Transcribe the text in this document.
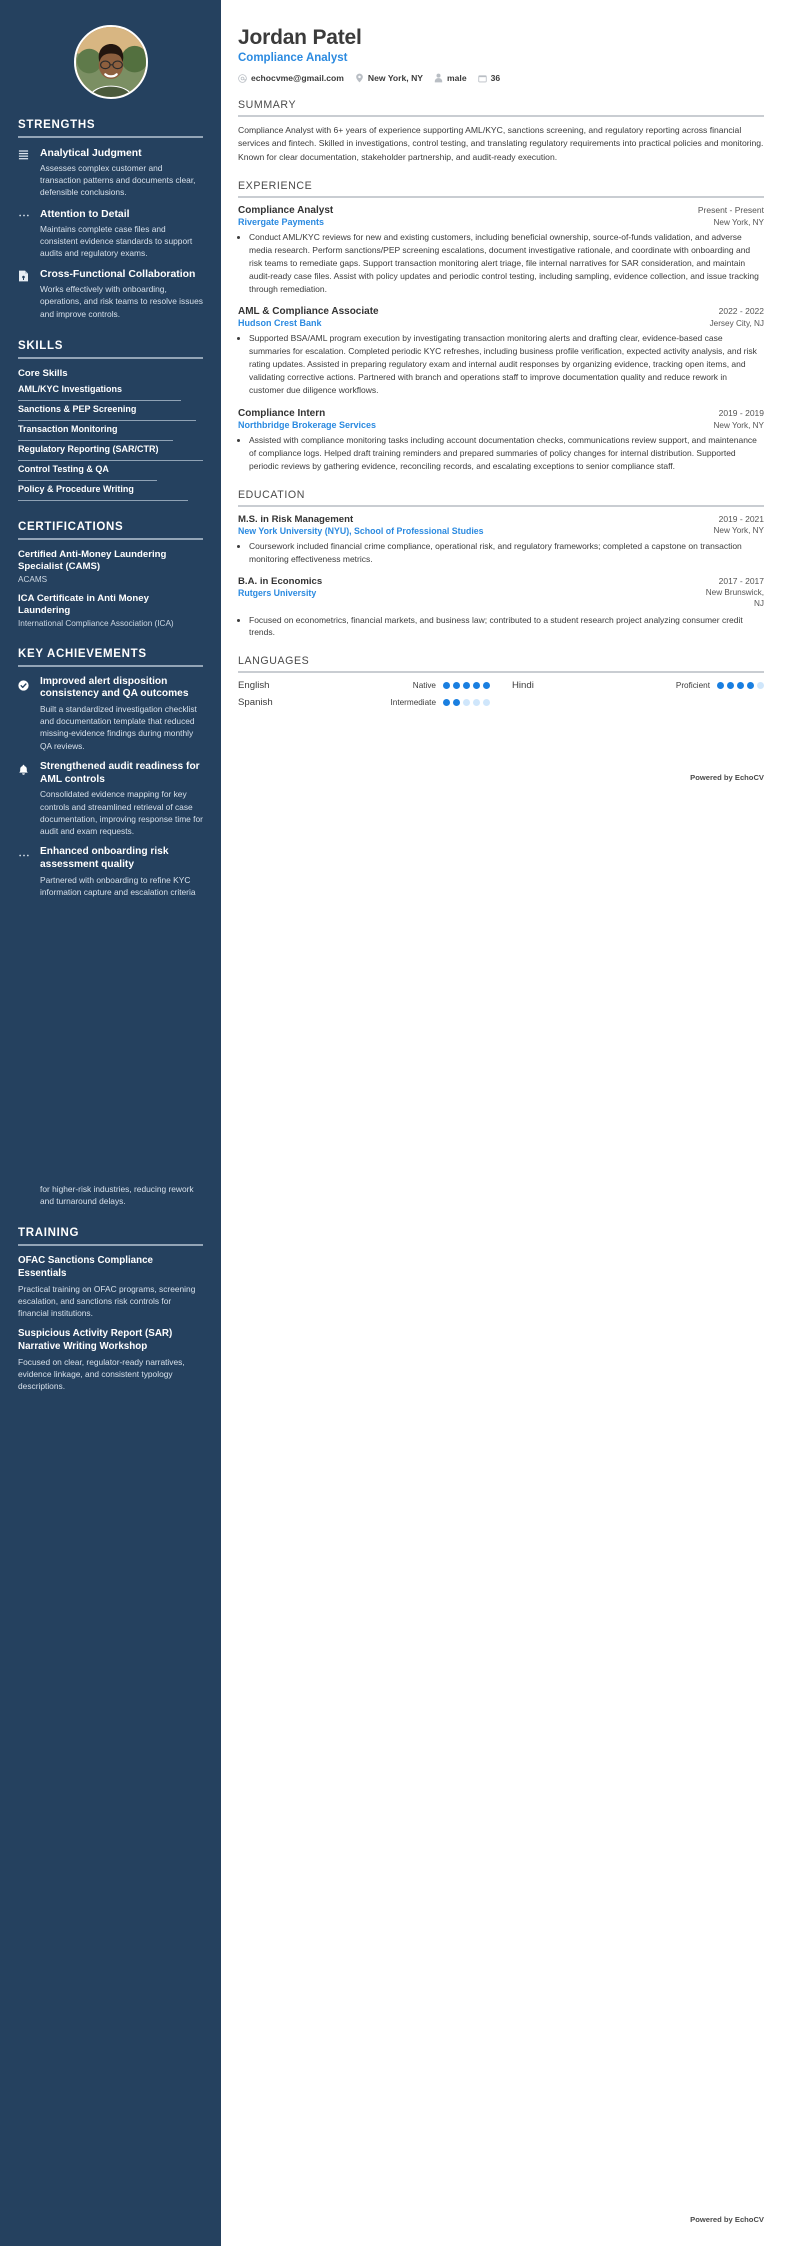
STRENGTHS
Analytical Judgment
Assesses complex customer and transaction patterns and documents clear, defensible conclusions.
Attention to Detail
Maintains complete case files and consistent evidence standards to support audits and regulatory exams.
Cross-Functional Collaboration
Works effectively with onboarding, operations, and risk teams to resolve issues and improve controls.
SKILLS
Core Skills
AML/KYC Investigations
Sanctions & PEP Screening
Transaction Monitoring
Regulatory Reporting (SAR/CTR)
Control Testing & QA
Policy & Procedure Writing
CERTIFICATIONS
Certified Anti-Money Laundering Specialist (CAMS)
ACAMS
ICA Certificate in Anti Money Laundering
International Compliance Association (ICA)
KEY ACHIEVEMENTS
Improved alert disposition consistency and QA outcomes
Built a standardized investigation checklist and documentation template that reduced missing-evidence findings during monthly QA reviews.
Strengthened audit readiness for AML controls
Consolidated evidence mapping for key controls and streamlined retrieval of case documentation, improving response time for audit and exam requests.
Enhanced onboarding risk assessment quality
Partnered with onboarding to refine KYC information capture and escalation criteria
Jordan Patel
Compliance Analyst
echocvme@gmail.com	New York, NY	male	36
SUMMARY

Compliance Analyst with 6+ years of experience supporting AML/KYC, sanctions screening, and regulatory reporting across financial services and fintech. Skilled in investigations, control testing, and translating regulatory requirements into practical policies and monitoring. Known for clear documentation, stakeholder partnership, and audit-ready execution.

EXPERIENCE
Compliance Analyst	Present - Present
Rivergate Payments	New York, NY
• Conduct AML/KYC reviews for new and existing customers, including beneficial ownership, source-of-funds validation, and adverse media research. Perform sanctions/PEP screening escalations, document investigative rationale, and coordinate with onboarding and risk teams to remediate gaps. Support transaction monitoring alert triage, file internal narratives for SAR consideration, and maintain audit-ready case files. Assist with policy updates and periodic control testing, including sampling, evidence collection, and issue tracking through remediation.
AML & Compliance Associate	2022 - 2022
Hudson Crest Bank	Jersey City, NJ
• Supported BSA/AML program execution by investigating transaction monitoring alerts and drafting clear, evidence-based case summaries for escalation. Completed periodic KYC refreshes, including business profile verification, expected activity analysis, and risk rating updates. Assisted in preparing regulatory exam and internal audit responses by organizing evidence, tracking open items, and validating corrective actions. Partnered with branch and operations staff to improve documentation quality and reduce rework in customer due diligence workflows.
Compliance Intern	2019 - 2019
Northbridge Brokerage Services	New York, NY
• Assisted with compliance monitoring tasks including account documentation checks, communications review support, and maintenance of compliance logs. Helped draft training reminders and prepared summaries of policy changes for internal distribution. Supported periodic reviews by gathering evidence, reconciling records, and escalating exceptions to senior compliance staff.
EDUCATION
M.S. in Risk Management	2019 - 2021
New York University (NYU), School of Professional Studies	New York, NY
• Coursework included financial crime compliance, operational risk, and regulatory frameworks; completed a capstone on transaction monitoring effectiveness metrics.
B.A. in Economics	2017 - 2017
Rutgers University	New Brunswick, NJ
• Focused on econometrics, financial markets, and business law; contributed to a student research project analyzing consumer credit trends.
LANGUAGES
English	Native	Hindi	Proficient
Spanish	Intermediate
Powered by EchoCV
for higher-risk industries, reducing rework and turnaround delays.
TRAINING
OFAC Sanctions Compliance Essentials
Practical training on OFAC programs, screening escalation, and sanctions risk controls for financial institutions.
Suspicious Activity Report (SAR) Narrative Writing Workshop
Focused on clear, regulator-ready narratives, evidence linkage, and consistent typology descriptions.
Powered by EchoCV
